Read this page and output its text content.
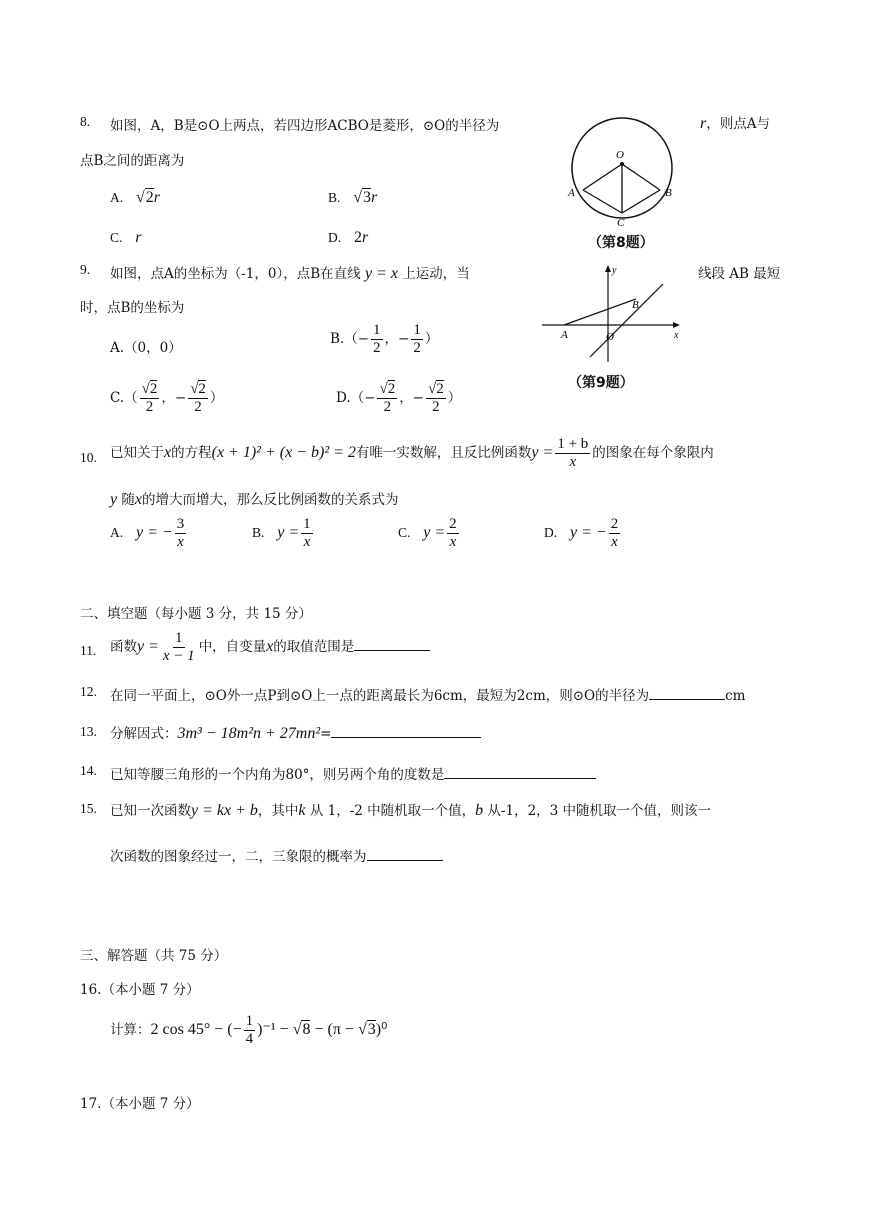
8. 如图，A，B是⊙O上两点，若四边形ACBO是菱形，⊙O的半径为	r，则点A与
点B之间的距离为
A. √2r	B. √3r
C. r	D. 2r
O
A	B
C
（第8题）
9. 如图，点A的坐标为（-1，0），点B在直线 y = x 上运动，当	线段 AB 最短
时，点B的坐标为
A.（0，0）
$B.(- \frac{1}{2}$ ，− $\frac{1}{2}$ ）
$C.( \frac{√2}{2}$ ，− $\frac{√2}{2}$ ）	$D.(- \frac{√2}{2}$ ，− $\frac{√2}{2}$ ）
y
x
A	O
B
（第9题）
10. 已知关于x的方程(x + 1)² + (x − b)² = 2有唯一实数解，且反比例函数$y = \frac{1 + b}{x}$ 的图象在每个象限内
y 随x的增大而增大，那么反比例函数的关系式为
A. y = − $\frac{3}{x}$	B. $y = \frac{1}{x}$	C. $y = \frac{2}{x}$	D. y = − $\frac{2}{x}$
二、填空题（每小题 3 分，共 15 分）
11. 函数$y = \frac{1}{x - 1}$ 中，自变量x的取值范围是
12. 在同一平面上，⊙O外一点P到⊙O上一点的距离最长为6cm，最短为2cm，则⊙O的半径为	cm
13. 分解因式：3m³ − 18m²n + 27mn²=
14. 已知等腰三角形的一个内角为80°，则另两个角的度数是
15. 已知一次函数y = kx + b，其中k 从 1，-2 中随机取一个值，b 从-1，2，3 中随机取一个值，则该一
次函数的图象经过一，二，三象限的概率为
三、解答题（共 75 分）
16.（本小题 7 分）
计算：2 cos 45° − (− $\frac{1}{4} )^{-1} - √8 - (\pi - √3)^0$
17.（本小题 7 分）
